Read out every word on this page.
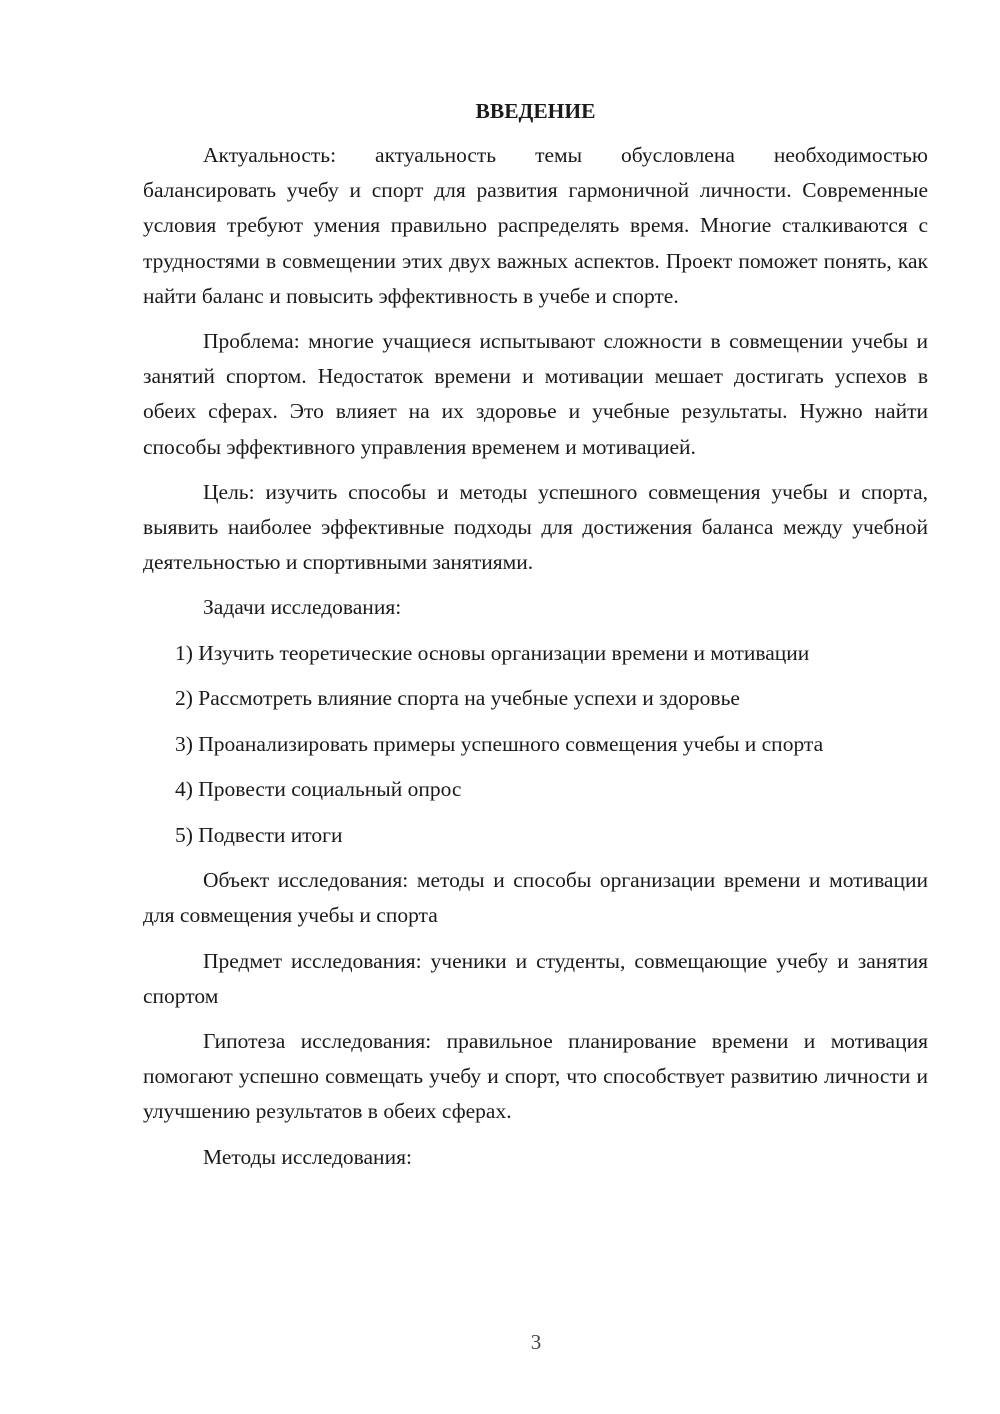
ВВЕДЕНИЕ

Актуальность: актуальность темы обусловлена необходимостью балансировать учебу и спорт для развития гармоничной личности. Современные условия требуют умения правильно распределять время. Многие сталкиваются с трудностями в совмещении этих двух важных аспектов. Проект поможет понять, как найти баланс и повысить эффективность в учебе и спорте.

Проблема: многие учащиеся испытывают сложности в совмещении учебы и занятий спортом. Недостаток времени и мотивации мешает достигать успехов в обеих сферах. Это влияет на их здоровье и учебные результаты. Нужно найти способы эффективного управления временем и мотивацией.

Цель: изучить способы и методы успешного совмещения учебы и спорта, выявить наиболее эффективные подходы для достижения баланса между учебной деятельностью и спортивными занятиями.

Задачи исследования:

1) Изучить теоретические основы организации времени и мотивации
2) Рассмотреть влияние спорта на учебные успехи и здоровье
3) Проанализировать примеры успешного совмещения учебы и спорта
4) Провести социальный опрос
5) Подвести итоги

Объект исследования: методы и способы организации времени и мотивации для совмещения учебы и спорта

Предмет исследования: ученики и студенты, совмещающие учебу и занятия спортом

Гипотеза исследования: правильное планирование времени и мотивация помогают успешно совмещать учебу и спорт, что способствует развитию личности и улучшению результатов в обеих сферах.

Методы исследования:

3
